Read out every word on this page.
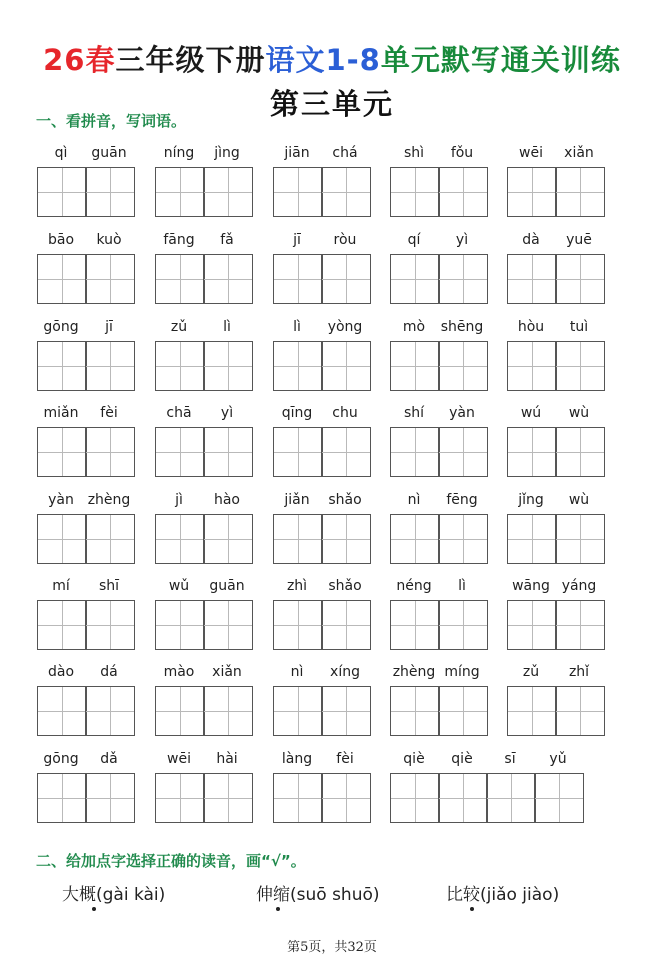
26春三年级下册语文1-8单元默写通关训练
第三单元
一、看拼音，写词语。
qì	guān	níng	jìng	jiān	chá	shì	fǒu	wēi	xiǎn
bāo	kuò	fāng	fǎ	jī	ròu	qí	yì	dà	yuē
gōng	jī	zǔ	lì	lì	yòng	mò	shēng	hòu	tuì
miǎn	fèi	chā	yì	qīng	chu	shí	yàn	wú	wù
yàn zhèng	jì	hào	jiǎn	shǎo	nì	fēng	jǐng	wù
mí	shī	wǔ	guān	zhì	shǎo	néng	lì	wāng yáng
dào	dá	mào	xiǎn	nì	xíng	zhèng míng	zǔ	zhǐ
gōng	dǎ	wēi	hài	làng	fèi	qiè	qiè	sī	yǔ
二、给加点字选择正确的读音，画“√”。
大概
(gài kài)	伸缩
(suō shuō)	比较
(jiǎo jiào)
第5页，共32页
